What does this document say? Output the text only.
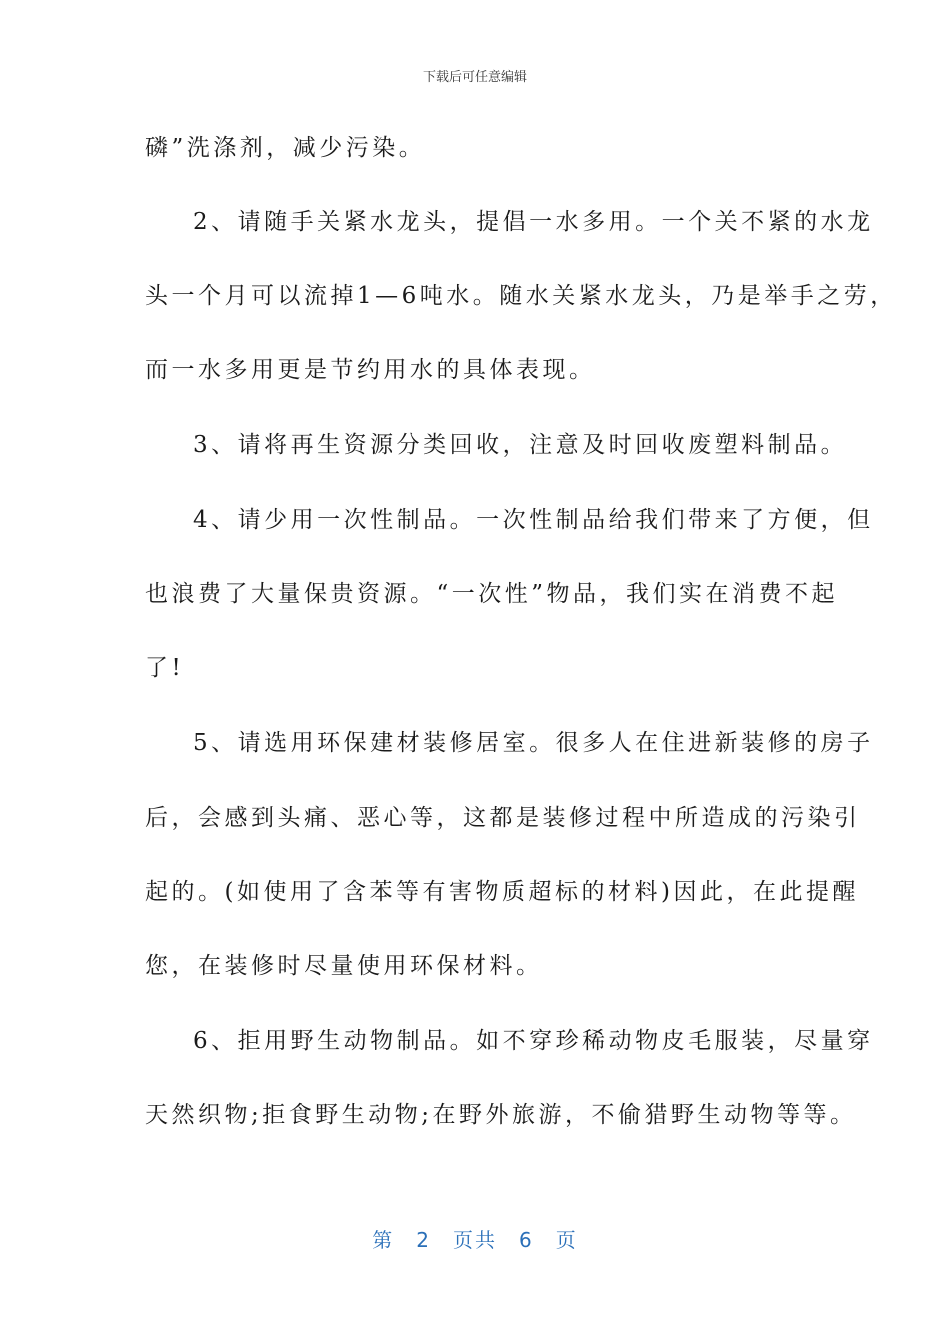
下载后可任意编辑
磷”洗涤剂，减少污染。
2、请随手关紧水龙头，提倡一水多用。一个关不紧的水龙
头一个月可以流掉1—6吨水。随水关紧水龙头，乃是举手之劳，
而一水多用更是节约用水的具体表现。
3、请将再生资源分类回收，注意及时回收废塑料制品。
4、请少用一次性制品。一次性制品给我们带来了方便，但
也浪费了大量保贵资源。“一次性”物品，我们实在消费不起
了!
5、请选用环保建材装修居室。很多人在住进新装修的房子
后，会感到头痛、恶心等，这都是装修过程中所造成的污染引
起的。(如使用了含苯等有害物质超标的材料)因此，在此提醒
您，在装修时尽量使用环保材料。
6、拒用野生动物制品。如不穿珍稀动物皮毛服装，尽量穿
天然织物;拒食野生动物;在野外旅游，不偷猎野生动物等等。
第 2 页共 6 页
